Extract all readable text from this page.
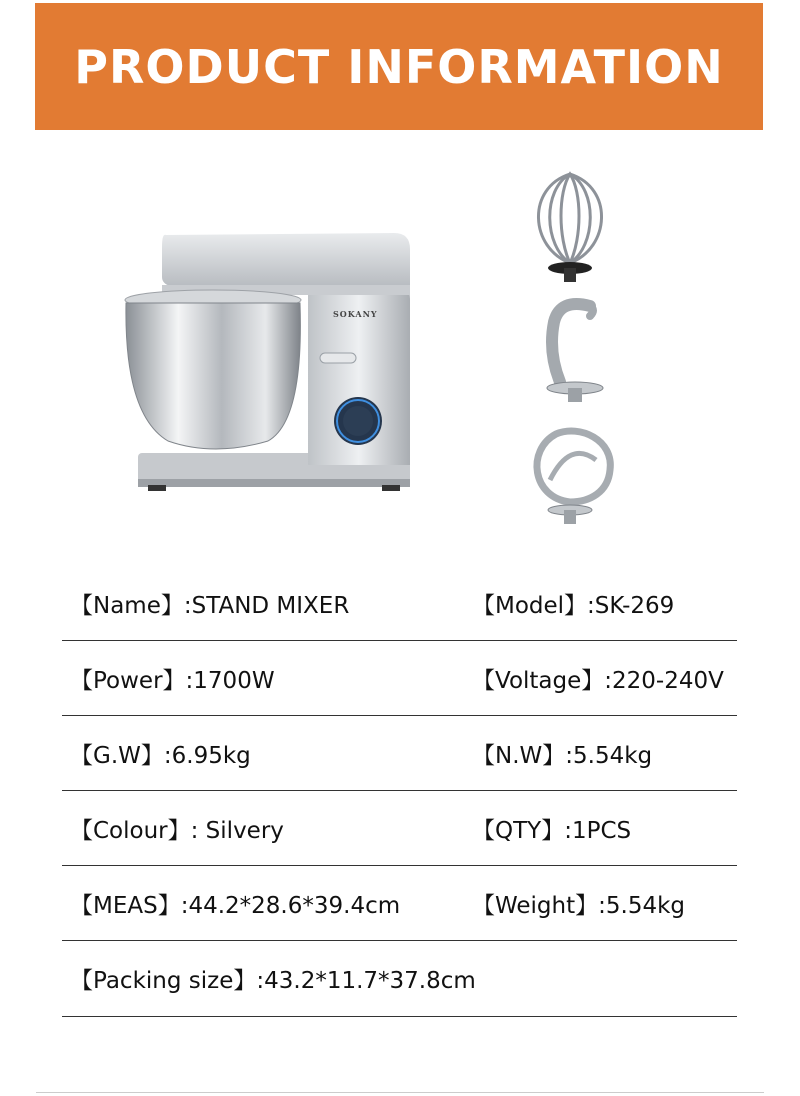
PRODUCT INFORMATION
SOKANY
【Name】:STAND MIXER	【Model】:SK-269
【Power】:1700W	【Voltage】:220-240V
【G.W】:6.95kg	【N.W】:5.54kg
【Colour】: Silvery	【QTY】:1PCS
【MEAS】:44.2*28.6*39.4cm	【Weight】:5.54kg
【Packing size】:43.2*11.7*37.8cm
